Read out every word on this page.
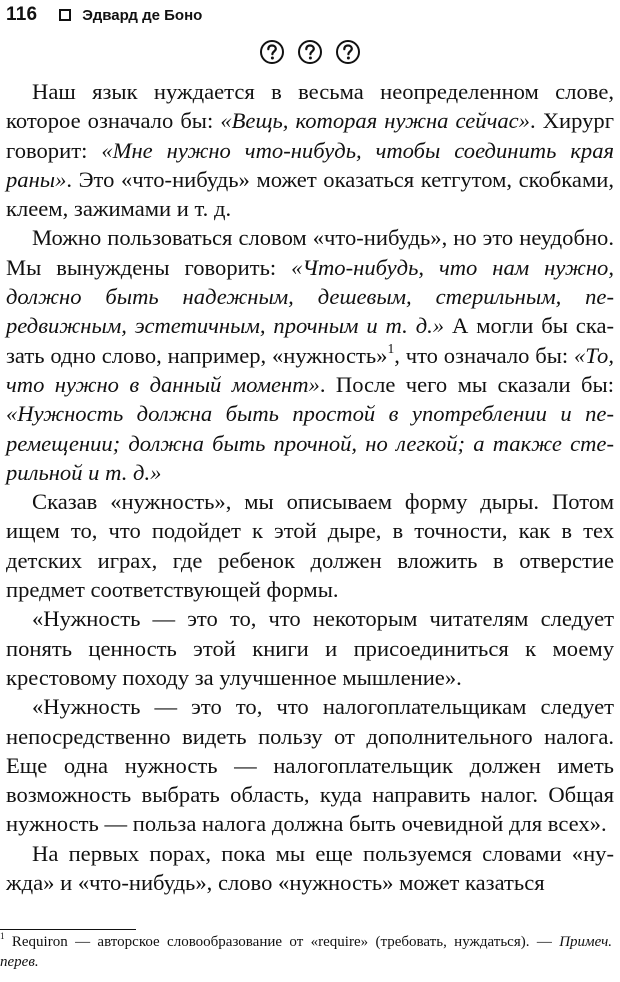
116	Эдвард де Боно

Наш язык нуждается в весьма неопределенном слове, которое означало бы: «Вещь, которая нужна сейчас». Хирург говорит: «Мне нужно что-нибудь, чтобы соединить края раны». Это «что-нибудь» может оказаться кетгутом, скобками, клеем, зажимами и т. д.

Можно пользоваться словом «что-нибудь», но это неудобно. Мы вынуждены говорить: «Что-нибудь, что нам нужно, должно быть надежным, дешевым, стерильным, передвижным, эстетичным, прочным и т. д.» А могли бы сказать одно слово, например, «нужность»$^1$, что означало бы: «То, что нужно в данный момент». После чего мы сказали бы: «Нужность должна быть простой в употреблении и перемещении; должна быть прочной, но легкой; а также стерильной и т. д.»

Сказав «нужность», мы описываем форму дыры. Потом ищем то, что подойдет к этой дыре, в точности, как в тех детских играх, где ребенок должен вложить в отверстие предмет соответствующей формы.

«Нужность — это то, что некоторым читателям следует понять ценность этой книги и присоединиться к моему крестовому походу за улучшенное мышление».

«Нужность — это то, что налогоплательщикам следует непосредственно видеть пользу от дополнительного налога. Еще одна нужность — налогоплательщик должен иметь возможность выбрать область, куда направить налог. Общая нужность — польза налога должна быть очевидной для всех».

На первых порах, пока мы еще пользуемся словами «нужда» и «что-нибудь», слово «нужность» может казаться

$^1$ Requiron — авторское словообразование от «require» (требовать, нуждаться). — Примеч. перев.
